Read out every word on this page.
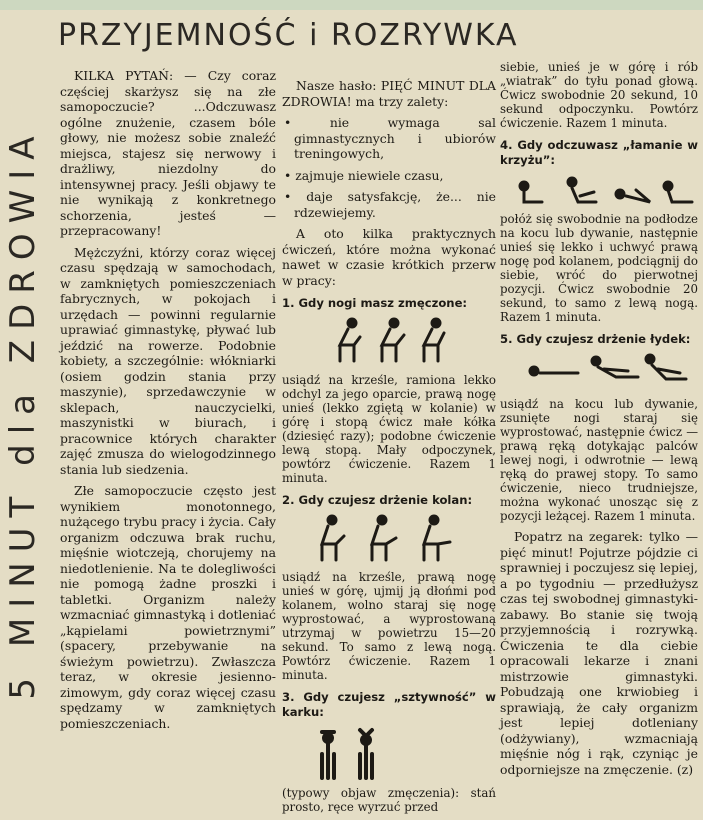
PRZYJEMNOŚĆ i ROZRYWKA
5 MINUT dla ZDROWIA

KILKA PYTAŃ: — Czy coraz częściej skarżysz się na złe samopoczucie? ...Odczuwasz ogólne znużenie, czasem bóle głowy, nie możesz sobie znaleźć miejsca, stajesz się nerwowy i drażliwy, niezdolny do intensywnej pracy. Jeśli objawy te nie wynikają z konkretnego schorzenia, jesteś — przepracowany!

Mężczyźni, którzy coraz więcej czasu spędzają w samochodach, w zamkniętych pomieszczeniach fabrycznych, w pokojach i urzędach — powinni regularnie uprawiać gimnastykę, pływać lub jeździć na rowerze. Podobnie kobiety, a szczególnie: włókniarki (osiem godzin stania przy maszynie), sprzedawczynie w sklepach, nauczycielki, maszynistki w biurach, i pracownice których charakter zajęć zmusza do wielogodzinnego stania lub siedzenia.

Złe samopoczucie często jest wynikiem monotonnego, nużącego trybu pracy i życia. Cały organizm odczuwa brak ruchu, mięśnie wiotczeją, chorujemy na niedotlenienie. Na te dolegliwości nie pomogą żadne proszki i tabletki. Organizm należy wzmacniać gimnastyką i dotleniać „kąpielami powietrznymi” (spacery, przebywanie na świeżym powietrzu). Zwłaszcza teraz, w okresie jesienno-zimowym, gdy coraz więcej czasu spędzamy w zamkniętych pomieszczeniach.

Nasze hasło: PIĘĆ MINUT DLA ZDROWIA! ma trzy zalety:

• nie wymaga sal gimnastycznych i ubiorów treningowych,

• zajmuje niewiele czasu,

• daje satysfakcję, że... nie rdzewiejemy.

A oto kilka praktycznych ćwiczeń, które można wykonać nawet w czasie krótkich przerw w pracy:

1. Gdy nogi masz zmęczone:

usiądź na krześle, ramiona lekko odchyl za jego oparcie, prawą nogę unieś (lekko zgiętą w kolanie) w górę i stopą ćwicz małe kółka (dziesięć razy); podobne ćwiczenie lewą stopą. Mały odpoczynek, powtórz ćwiczenie. Razem 1 minuta.

2. Gdy czujesz drżenie kolan:

usiądź na krześle, prawą nogę unieś w górę, ujmij ją dłońmi pod kolanem, wolno staraj się nogę wyprostować, a wyprostowaną utrzymaj w powietrzu 15—20 sekund. To samo z lewą nogą. Powtórz ćwiczenie. Razem 1 minuta.

3. Gdy czujesz „sztywność” w karku:

(typowy objaw zmęczenia): stań prosto, ręce wyrzuć przed

siebie, unieś je w górę i rób „wiatrak” do tyłu ponad głową. Ćwicz swobodnie 20 sekund, 10 sekund odpoczynku. Powtórz ćwiczenie. Razem 1 minuta.

4. Gdy odczuwasz „łamanie w krzyżu”:

połóż się swobodnie na podłodze na kocu lub dywanie, następnie unieś się lekko i uchwyć prawą nogę pod kolanem, podciągnij do siebie, wróć do pierwotnej pozycji. Ćwicz swobodnie 20 sekund, to samo z lewą nogą. Razem 1 minuta.

5. Gdy czujesz drżenie łydek:

usiądź na kocu lub dywanie, zsunięte nogi staraj się wyprostować, następnie ćwicz — prawą ręką dotykając palców lewej nogi, i odwrotnie — lewą ręką do prawej stopy. To samo ćwiczenie, nieco trudniejsze, można wykonać unosząc się z pozycji leżącej. Razem 1 minuta.

Popatrz na zegarek: tylko — pięć minut! Pojutrze pójdzie ci sprawniej i poczujesz się lepiej, a po tygodniu — przedłużysz czas tej swobodnej gimnastyki-zabawy. Bo stanie się twoją przyjemnością i rozrywką. Ćwiczenia te dla ciebie opracowali lekarze i znani mistrzowie gimnastyki. Pobudzają one krwiobieg i sprawiają, że cały organizm jest lepiej dotleniany (odżywiany), wzmacniają mięśnie nóg i rąk, czyniąc je odporniejsze na zmęczenie. (z)
